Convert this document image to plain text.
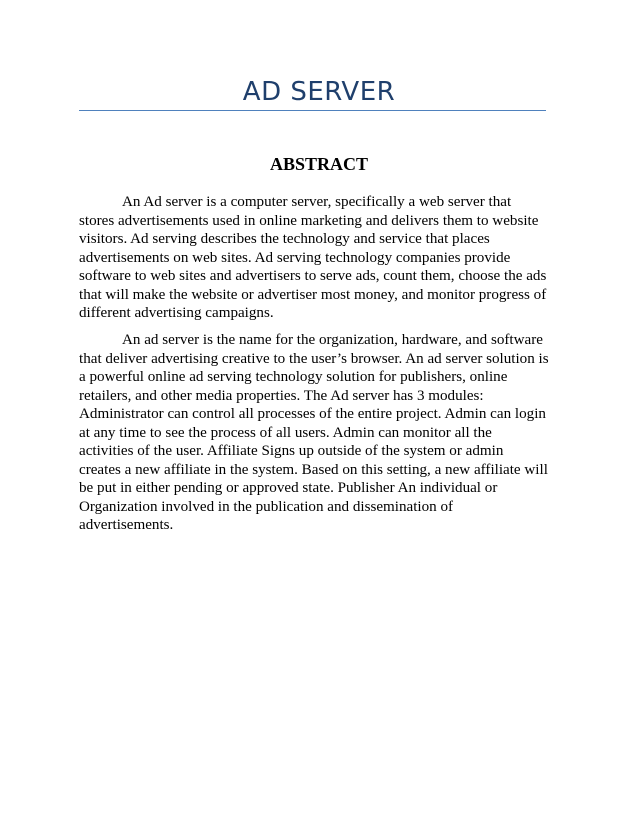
AD SERVER
ABSTRACT

An Ad server is a computer server, specifically a web server that stores advertisements used in online marketing and delivers them to website visitors. Ad serving describes the technology and service that places advertisements on web sites. Ad serving technology companies provide software to web sites and advertisers to serve ads, count them, choose the ads that will make the website or advertiser most money, and monitor progress of different advertising campaigns.

An ad server is the name for the organization, hardware, and software that deliver advertising creative to the user’s browser. An ad server solution is a powerful online ad serving technology solution for publishers, online retailers, and other media properties. The Ad server has 3 modules: Administrator can control all processes of the entire project. Admin can login at any time to see the process of all users. Admin can monitor all the activities of the user. Affiliate Signs up outside of the system or admin creates a new affiliate in the system. Based on this setting, a new affiliate will be put in either pending or approved state. Publisher An individual or Organization involved in the publication and dissemination of advertisements.
